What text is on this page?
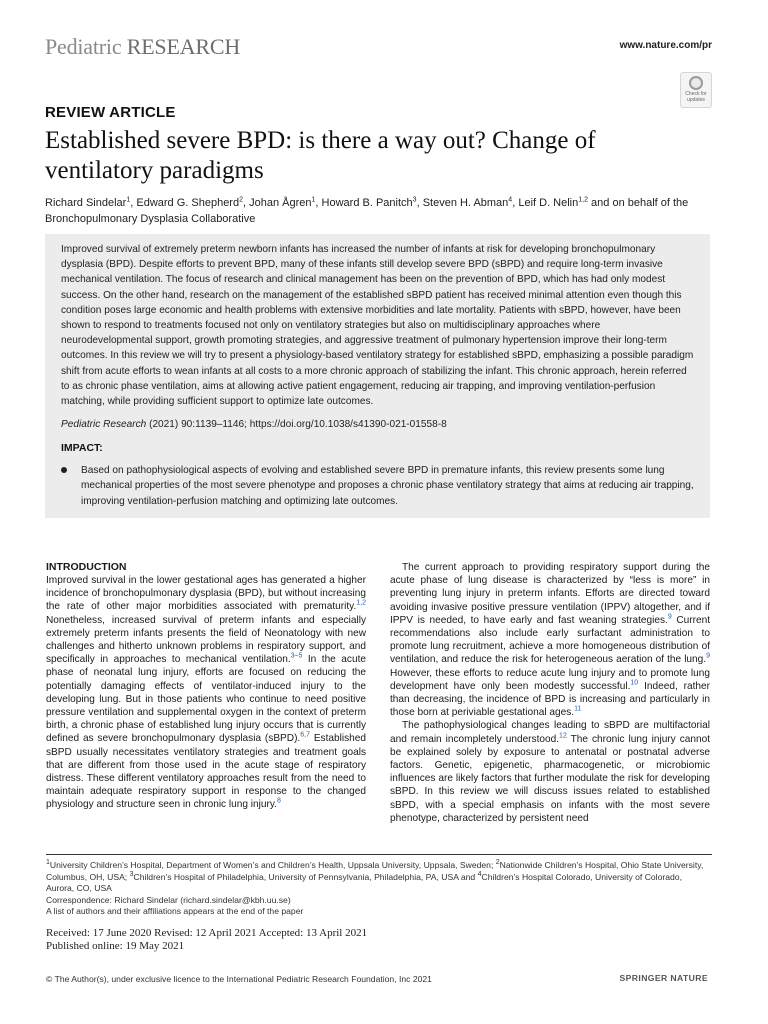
Pediatric RESEARCH	www.nature.com/pr
Check for updates
REVIEW ARTICLE
Established severe BPD: is there a way out? Change of ventilatory paradigms
Richard Sindelar$^1$, Edward G. Shepherd$^2$, Johan Ågren$^1$, Howard B. Panitch$^3$, Steven H. Abman$^4$, Leif D. Nelin$^{1,2}$ and on behalf of the Bronchopulmonary Dysplasia Collaborative

Improved survival of extremely preterm newborn infants has increased the number of infants at risk for developing bronchopulmonary dysplasia (BPD). Despite efforts to prevent BPD, many of these infants still develop severe BPD (sBPD) and require long-term invasive mechanical ventilation. The focus of research and clinical management has been on the prevention of BPD, which has had only modest success. On the other hand, research on the management of the established sBPD patient has received minimal attention even though this condition poses large economic and health problems with extensive morbidities and late mortality. Patients with sBPD, however, have been shown to respond to treatments focused not only on ventilatory strategies but also on multidisciplinary approaches where neurodevelopmental support, growth promoting strategies, and aggressive treatment of pulmonary hypertension improve their long-term outcomes. In this review we will try to present a physiology-based ventilatory strategy for established sBPD, emphasizing a possible paradigm shift from acute efforts to wean infants at all costs to a more chronic approach of stabilizing the infant. This chronic approach, herein referred to as chronic phase ventilation, aims at allowing active patient engagement, reducing air trapping, and improving ventilation-perfusion matching, while providing sufficient support to optimize late outcomes.

Pediatric Research (2021) 90:1139–1146; https://doi.org/10.1038/s41390-021-01558-8

IMPACT:

Based on pathophysiological aspects of evolving and established severe BPD in premature infants, this review presents some lung mechanical properties of the most severe phenotype and proposes a chronic phase ventilatory strategy that aims at reducing air trapping, improving ventilation-perfusion matching and optimizing late outcomes.

INTRODUCTION

Improved survival in the lower gestational ages has generated a higher incidence of bronchopulmonary dysplasia (BPD), but without increasing the rate of other major morbidities associated with prematurity.$^{1,2}$ Nonetheless, increased survival of preterm infants and especially extremely preterm infants presents the field of Neonatology with new challenges and hitherto unknown problems in respiratory support, and specifically in approaches to mechanical ventilation.$^{3-5}$ In the acute phase of neonatal lung injury, efforts are focused on reducing the potentially damaging effects of ventilator-induced injury to the developing lung. But in those patients who continue to need positive pressure ventilation and supplemental oxygen in the context of preterm birth, a chronic phase of established lung injury occurs that is currently defined as severe bronchopulmonary dysplasia (sBPD).$^{6,7}$ Established sBPD usually necessitates ventilatory strategies and treatment goals that are different from those used in the acute stage of respiratory distress. These different ventilatory approaches result from the need to maintain adequate respiratory support in response to the changed physiology and structure seen in chronic lung injury.$^8$

The current approach to providing respiratory support during the acute phase of lung disease is characterized by “less is more” in preventing lung injury in preterm infants. Efforts are directed toward avoiding invasive positive pressure ventilation (IPPV) altogether, and if IPPV is needed, to have early and fast weaning strategies.$^9$ Current recommendations also include early surfactant administration to promote lung recruitment, achieve a more homogeneous distribution of ventilation, and reduce the risk for heterogeneous aeration of the lung.$^9$ However, these efforts to reduce acute lung injury and to promote lung development have only been modestly successful.$^{10}$ Indeed, rather than decreasing, the incidence of BPD is increasing and particularly in those born at periviable gestational ages.$^{11}$

The pathophysiological changes leading to sBPD are multifactorial and remain incompletely understood.$^{12}$ The chronic lung injury cannot be explained solely by exposure to antenatal or postnatal adverse factors. Genetic, epigenetic, pharmacogenetic, or microbiomic influences are likely factors that further modulate the risk for developing sBPD. In this review we will discuss issues related to established sBPD, with a special emphasis on infants with the most severe phenotype, characterized by persistent need

$^1$University Children’s Hospital, Department of Women’s and Children’s Health, Uppsala University, Uppsala, Sweden; $^2$Nationwide Children’s Hospital, Ohio State University, Columbus, OH, USA; $^3$Children’s Hospital of Philadelphia, University of Pennsylvania, Philadelphia, PA, USA and $^4$Children’s Hospital Colorado, University of Colorado, Aurora, CO, USA

Correspondence: Richard Sindelar (richard.sindelar@kbh.uu.se)

A list of authors and their affiliations appears at the end of the paper

Received: 17 June 2020 Revised: 12 April 2021 Accepted: 13 April 2021

Published online: 19 May 2021

© The Author(s), under exclusive licence to the International Pediatric Research Foundation, Inc 2021	SPRINGER NATURE
